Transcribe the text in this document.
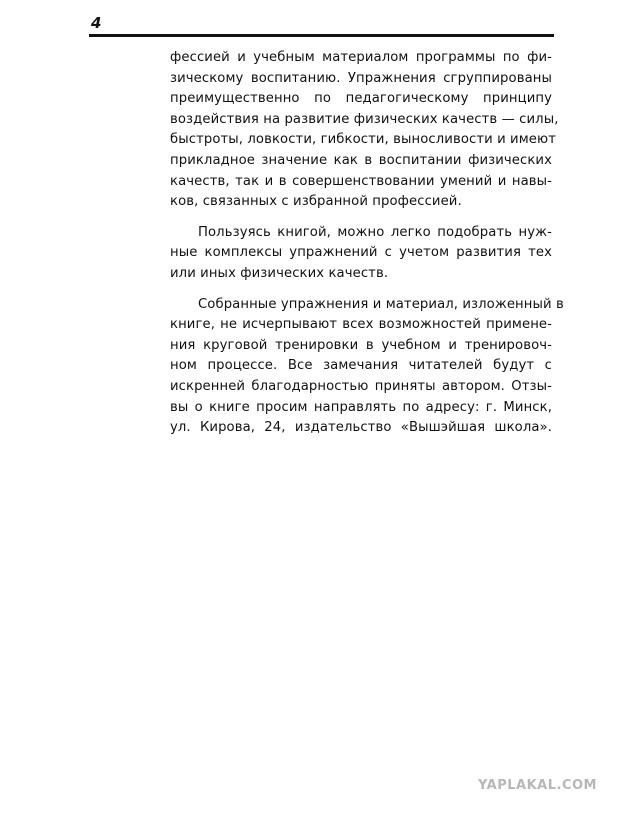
4
фессией и учебным материалом программы по фи-
зическому воспитанию. Упражнения сгруппированы
преимущественно по педагогическому принципу
воздействия на развитие физических качеств — силы,
быстроты, ловкости, гибкости, выносливости и имеют
прикладное значение как в воспитании физических
качеств, так и в совершенствовании умений и навы-
ков, связанных с избранной профессией.
Пользуясь книгой, можно легко подобрать нуж-
ные комплексы упражнений с учетом развития тех
или иных физических качеств.
Собранные упражнения и материал, изложенный в
книге, не исчерпывают всех возможностей примене-
ния круговой тренировки в учебном и тренировоч-
ном процессе. Все замечания читателей будут с
искренней благодарностью приняты автором. Отзы-
вы о книге просим направлять по адресу: г. Минск,
ул. Кирова, 24, издательство «Вышэйшая школа».
YAPLAKAL.COM
